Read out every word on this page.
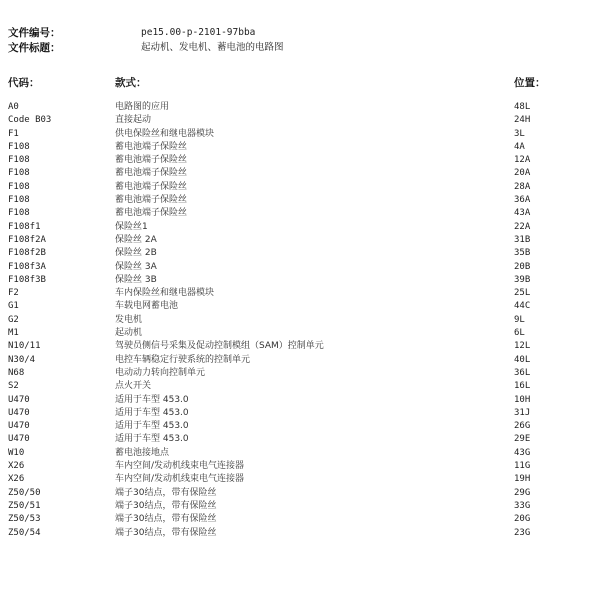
文件编号：	pe15.00-p-2101-97bba
文件标题：	起动机、发电机、蓄电池的电路图
代码：	款式：	位置：
A0	电路图的应用	48L
Code B03	直接起动	24H
F1	供电保险丝和继电器模块	3L
F108	蓄电池端子保险丝	4A
F108	蓄电池端子保险丝	12A
F108	蓄电池端子保险丝	20A
F108	蓄电池端子保险丝	28A
F108	蓄电池端子保险丝	36A
F108	蓄电池端子保险丝	43A
F108f1	保险丝1	22A
F108f2A	保险丝 2A	31B
F108f2B	保险丝 2B	35B
F108f3A	保险丝 3A	20B
F108f3B	保险丝 3B	39B
F2	车内保险丝和继电器模块	25L
G1	车载电网蓄电池	44C
G2	发电机	9L
M1	起动机	6L
N10/11	驾驶员侧信号采集及促动控制模组（SAM）控制单元	12L
N30/4	电控车辆稳定行驶系统的控制单元	40L
N68	电动动力转向控制单元	36L
S2	点火开关	16L
U470	适用于车型 453.0	10H
U470	适用于车型 453.0	31J
U470	适用于车型 453.0	26G
U470	适用于车型 453.0	29E
W10	蓄电池接地点	43G
X26	车内空间/发动机线束电气连接器	11G
X26	车内空间/发动机线束电气连接器	19H
Z50/50	端子30结点，带有保险丝	29G
Z50/51	端子30结点，带有保险丝	33G
Z50/53	端子30结点，带有保险丝	20G
Z50/54	端子30结点，带有保险丝	23G
